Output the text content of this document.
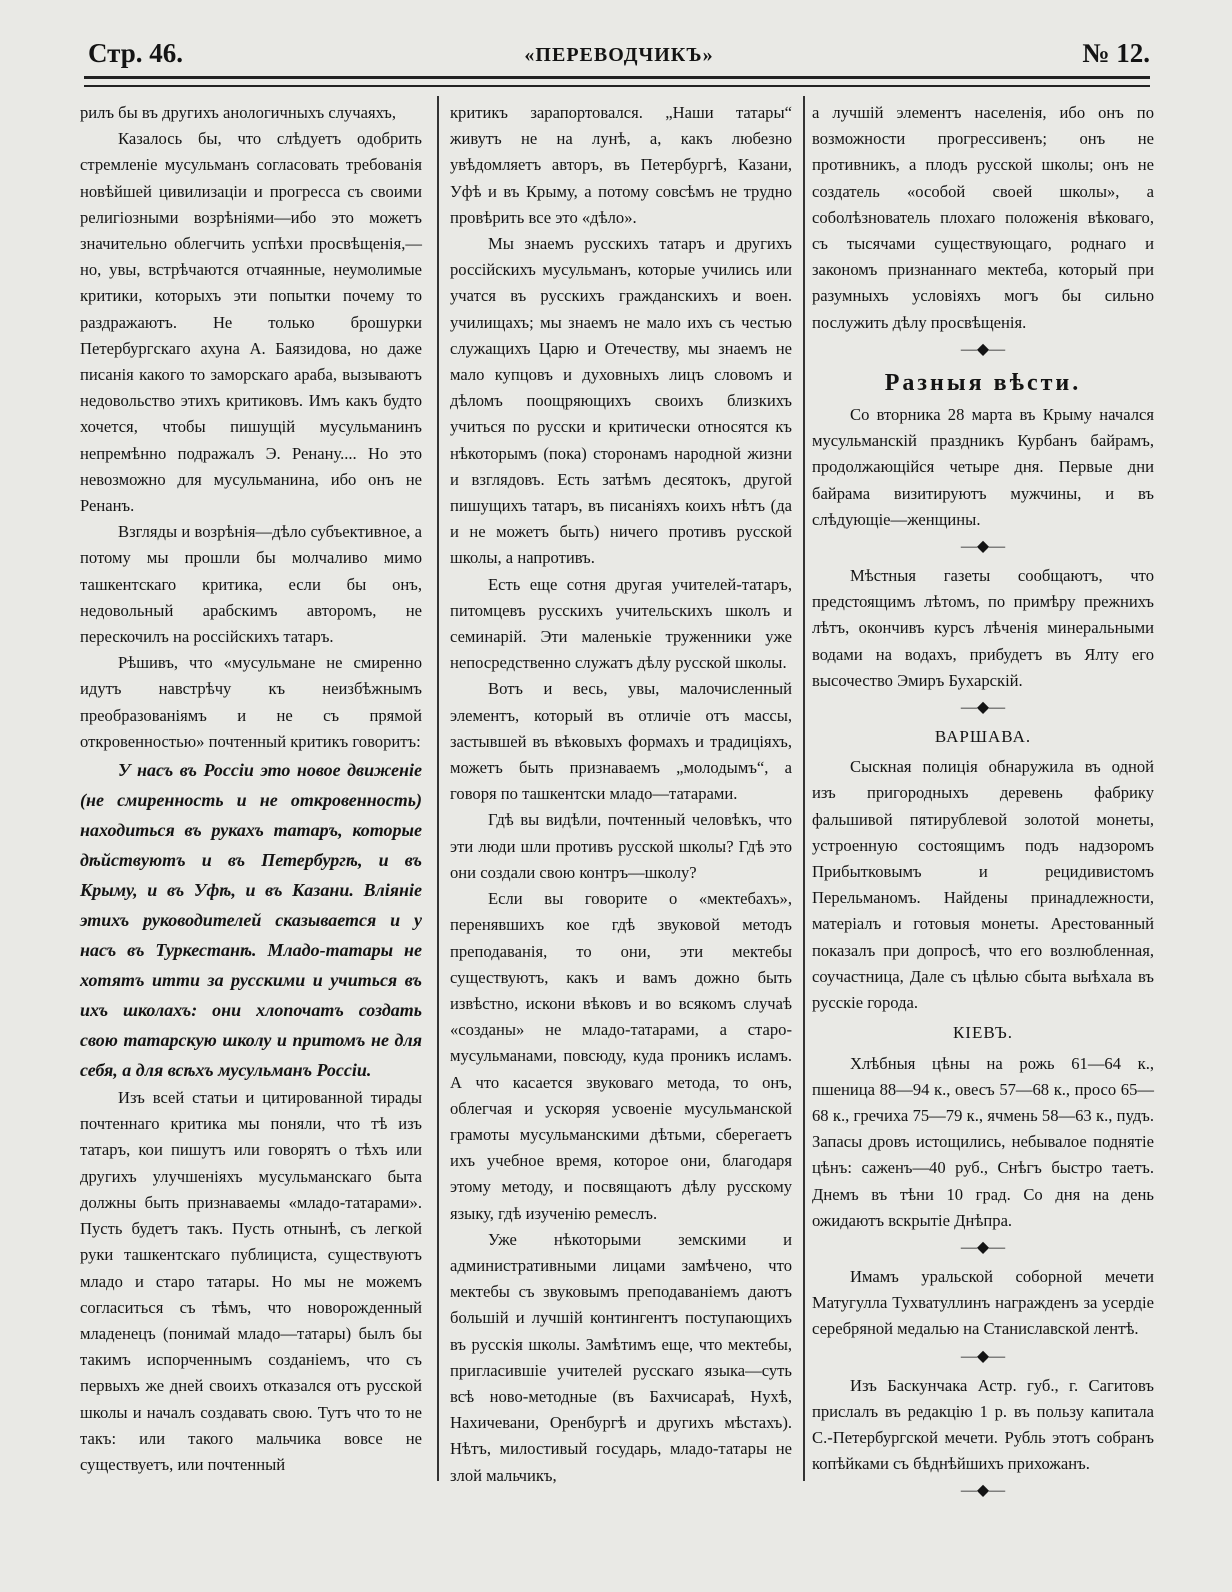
Стр. 46.	«ПЕРЕВОДЧИКЪ»	№ 12.

рилъ бы въ другихъ анологичныхъ случаяхъ,

Казалось бы, что слѣдуетъ одобрить стремленіе мусульманъ согласовать требованія новѣйшей цивилизаціи и прогресса съ своими религіозными возрѣніями—ибо это можетъ значительно облегчить успѣхи просвѣщенія,—но, увы, встрѣчаются отчаянные, неумолимые критики, которыхъ эти попытки почему то раздражаютъ. Не только брошурки Петербургскаго ахуна А. Баязидова, но даже писанія какого то заморскаго араба, вызываютъ недовольство этихъ критиковъ. Имъ какъ будто хочется, чтобы пишущій мусульманинъ непремѣнно подражалъ Э. Ренану.... Но это невозможно для мусульманина, ибо онъ не Ренанъ.

Взгляды и возрѣнія—дѣло субъективное, а потому мы прошли бы молчаливо мимо ташкентскаго критика, если бы онъ, недовольный арабскимъ авторомъ, не перескочилъ на россійскихъ татаръ.

Рѣшивъ, что «мусульмане не смиренно идутъ навстрѣчу къ неизбѣжнымъ преобразованіямъ и не съ прямой откровенностью» почтенный критикъ говоритъ:

У насъ въ Россіи это новое движеніе (не смиренность и не откровенность) находиться въ рукахъ татаръ, которые дѣйствуютъ и въ Петербургѣ, и въ Крыму, и въ Уфѣ, и въ Казани. Вліяніе этихъ руководителей сказывается и у насъ въ Туркестанѣ. Младо-татары не хотятъ итти за русскими и учиться въ ихъ школахъ: они хлопочатъ создать свою татарскую школу и притомъ не для себя, а для всѣхъ мусульманъ Россіи.

Изъ всей статьи и цитированной тирады почтеннаго критика мы поняли, что тѣ изъ татаръ, кои пишутъ или говорятъ о тѣхъ или другихъ улучшеніяхъ мусульманскаго быта должны быть признаваемы «младо-татарами». Пусть будетъ такъ. Пусть отнынѣ, съ легкой руки ташкентскаго публициста, существуютъ младо и старо татары. Но мы не можемъ согласиться съ тѣмъ, что новорожденный младенецъ (понимай младо—татары) былъ бы такимъ испорченнымъ созданіемъ, что съ первыхъ же дней своихъ отказался отъ русской школы и началъ создавать свою. Тутъ что то не такъ: или такого мальчика вовсе не существуетъ, или почтенный

критикъ зарапортовался. „Наши татары“ живутъ не на лунѣ, а, какъ любезно увѣдомляетъ авторъ, въ Петербургѣ, Казани, Уфѣ и въ Крыму, а потому совсѣмъ не трудно провѣрить все это «дѣло».

Мы знаемъ русскихъ татаръ и другихъ россійскихъ мусульманъ, которые учились или учатся въ русскихъ гражданскихъ и воен. училищахъ; мы знаемъ не мало ихъ съ честью служащихъ Царю и Отечеству, мы знаемъ не мало купцовъ и духовныхъ лицъ словомъ и дѣломъ поощряющихъ своихъ близкихъ учиться по русски и критически относятся къ нѣкоторымъ (пока) сторонамъ народной жизни и взглядовъ. Есть затѣмъ десятокъ, другой пишущихъ татаръ, въ писаніяхъ коихъ нѣтъ (да и не можетъ быть) ничего противъ русской школы, а напротивъ.

Есть еще сотня другая учителей-татаръ, питомцевъ русскихъ учительскихъ школъ и семинарій. Эти маленькіе труженники уже непосредственно служатъ дѣлу русской школы.

Вотъ и весь, увы, малочисленный элементъ, который въ отличіе отъ массы, застывшей въ вѣковыхъ формахъ и традиціяхъ, можетъ быть признаваемъ „молодымъ“, а говоря по ташкентски младо—татарами.

Гдѣ вы видѣли, почтенный человѣкъ, что эти люди шли противъ русской школы? Гдѣ это они создали свою контръ—школу?

Если вы говорите о «мектебахъ», перенявшихъ кое гдѣ звуковой методъ преподаванія, то они, эти мектебы существуютъ, какъ и вамъ дожно быть извѣстно, искони вѣковъ и во всякомъ случаѣ «созданы» не младо-татарами, а старо-мусульманами, повсюду, куда проникъ исламъ. А что касается звуковаго метода, то онъ, облегчая и ускоряя усвоеніе мусульманской грамоты мусульманскими дѣтьми, сберегаетъ ихъ учебное время, которое они, благодаря этому методу, и посвящаютъ дѣлу русскому языку, гдѣ изученію ремеслъ.

Уже нѣкоторыми земскими и административными лицами замѣчено, что мектебы съ звуковымъ преподаваніемъ даютъ большій и лучшій контингентъ поступающихъ въ русскія школы. Замѣтимъ еще, что мектебы, пригласившіе учителей русскаго языка—суть всѣ ново-методные (въ Бахчисараѣ, Нухѣ, Нахичевани, Оренбургѣ и другихъ мѣстахъ). Нѣтъ, милостивый государь, младо-татары не злой мальчикъ,

а лучшій элементъ населенія, ибо онъ по возможности прогрессивенъ; онъ не противникъ, а плодъ русской школы; онъ не создатель «особой своей школы», а соболѣзнователь плохаго положенія вѣковаго, съ тысячами существующаго, роднаго и закономъ признаннаго мектеба, который при разумныхъ условіяхъ могъ бы сильно послужить дѣлу просвѣщенія.

—◆—
Разныя вѣсти.

Со вторника 28 марта въ Крыму начался мусульманскій праздникъ Курбанъ байрамъ, продолжающійся четыре дня. Первые дни байрама визитируютъ мужчины, и въ слѣдующіе—женщины.

—◆—

Мѣстныя газеты сообщаютъ, что предстоящимъ лѣтомъ, по примѣру прежнихъ лѣтъ, окончивъ курсъ лѣченія минеральными водами на водахъ, прибудетъ въ Ялту его высочество Эмиръ Бухарскій.

—◆—
ВАРШАВА.

Сыскная полиція обнаружила въ одной изъ пригородныхъ деревень фабрику фальшивой пятирублевой золотой монеты, устроенную состоящимъ подъ надзоромъ Прибытковымъ и рецидивистомъ Перельманомъ. Найдены принадлежности, матеріалъ и готовыя монеты. Арестованный показалъ при допросѣ, что его возлюбленная, соучастница, Дале съ цѣлью сбыта выѣхала въ русскіе города.

КІЕВЪ.

Хлѣбныя цѣны на рожь 61—64 к., пшеница 88—94 к., овесъ 57—68 к., просо 65—68 к., гречиха 75—79 к., ячмень 58—63 к., пудъ. Запасы дровъ истощились, небывалое поднятіе цѣнъ: саженъ—40 руб., Снѣгъ быстро таетъ. Днемъ въ тѣни 10 град. Со дня на день ожидаютъ вскрытіе Днѣпра.

—◆—

Имамъ уральской соборной мечети Матугулла Тухватуллинъ награжденъ за усердіе серебряной медалью на Станиславской лентѣ.

—◆—

Изъ Баскунчака Астр. губ., г. Сагитовъ прислалъ въ редакцію 1 р. въ пользу капитала С.-Петербургской мечети. Рубль этотъ собранъ копѣйками съ бѣднѣйшихъ прихожанъ.

—◆—
